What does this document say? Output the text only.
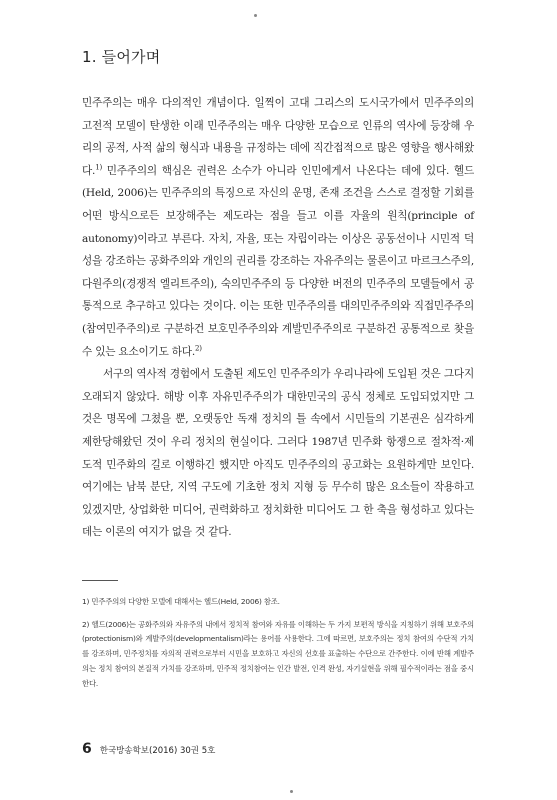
1. 들어가며

민주주의는 매우 다의적인 개념이다. 일찍이 고대 그리스의 도시국가에서 민주주의의 고전적 모델이 탄생한 이래 민주주의는 매우 다양한 모습으로 인류의 역사에 등장해 우리의 공적, 사적 삶의 형식과 내용을 규정하는 데에 직간접적으로 많은 영향을 행사해왔다.$^{1)}$ 민주주의의 핵심은 권력은 소수가 아니라 인민에게서 나온다는 데에 있다. 헬드(Held, 2006)는 민주주의의 특징으로 자신의 운명, 존재 조건을 스스로 결정할 기회를 어떤 방식으로든 보장해주는 제도라는 점을 들고 이를 자율의 원칙(principle of autonomy)이라고 부른다. 자치, 자율, 또는 자립이라는 이상은 공동선이나 시민적 덕성을 강조하는 공화주의와 개인의 권리를 강조하는 자유주의는 물론이고 마르크스주의, 다원주의(경쟁적 엘리트주의), 숙의민주주의 등 다양한 버전의 민주주의 모델들에서 공통적으로 추구하고 있다는 것이다. 이는 또한 민주주의를 대의민주주의와 직접민주주의(참여민주주의)로 구분하건 보호민주주의와 계발민주주의로 구분하건 공통적으로 찾을 수 있는 요소이기도 하다.$^{2)}$

서구의 역사적 경험에서 도출된 제도인 민주주의가 우리나라에 도입된 것은 그다지 오래되지 않았다. 해방 이후 자유민주주의가 대한민국의 공식 정체로 도입되었지만 그것은 명목에 그쳤을 뿐, 오랫동안 독재 정치의 틀 속에서 시민들의 기본권은 심각하게 제한당해왔던 것이 우리 정치의 현실이다. 그러다 1987년 민주화 항쟁으로 절차적·제도적 민주화의 길로 이행하긴 했지만 아직도 민주주의의 공고화는 요원하게만 보인다. 여기에는 남북 분단, 지역 구도에 기초한 정치 지형 등 무수히 많은 요소들이 작용하고 있겠지만, 상업화한 미디어, 권력화하고 정치화한 미디어도 그 한 축을 형성하고 있다는 데는 이론의 여지가 없을 것 같다.

1) 민주주의의 다양한 모델에 대해서는 헬드(Held, 2006) 참조.

2) 헬드(2006)는 공화주의와 자유주의 내에서 정치적 참여와 자유를 이해하는 두 가지 보편적 방식을 지칭하기 위해 보호주의(protectionism)와 계발주의(developmentalism)라는 용어를 사용한다. 그에 따르면, 보호주의는 정치 참여의 수단적 가치를 강조하며, 민주정치를 자의적 권력으로부터 시민을 보호하고 자신의 선호를 표출하는 수단으로 간주한다. 이에 반해 계발주의는 정치 참여의 본질적 가치를 강조하며, 민주적 정치참여는 인간 발전, 인격 완성, 자기실현을 위해 필수적이라는 점을 중시한다.

6 한국방송학보(2016) 30권 5호
